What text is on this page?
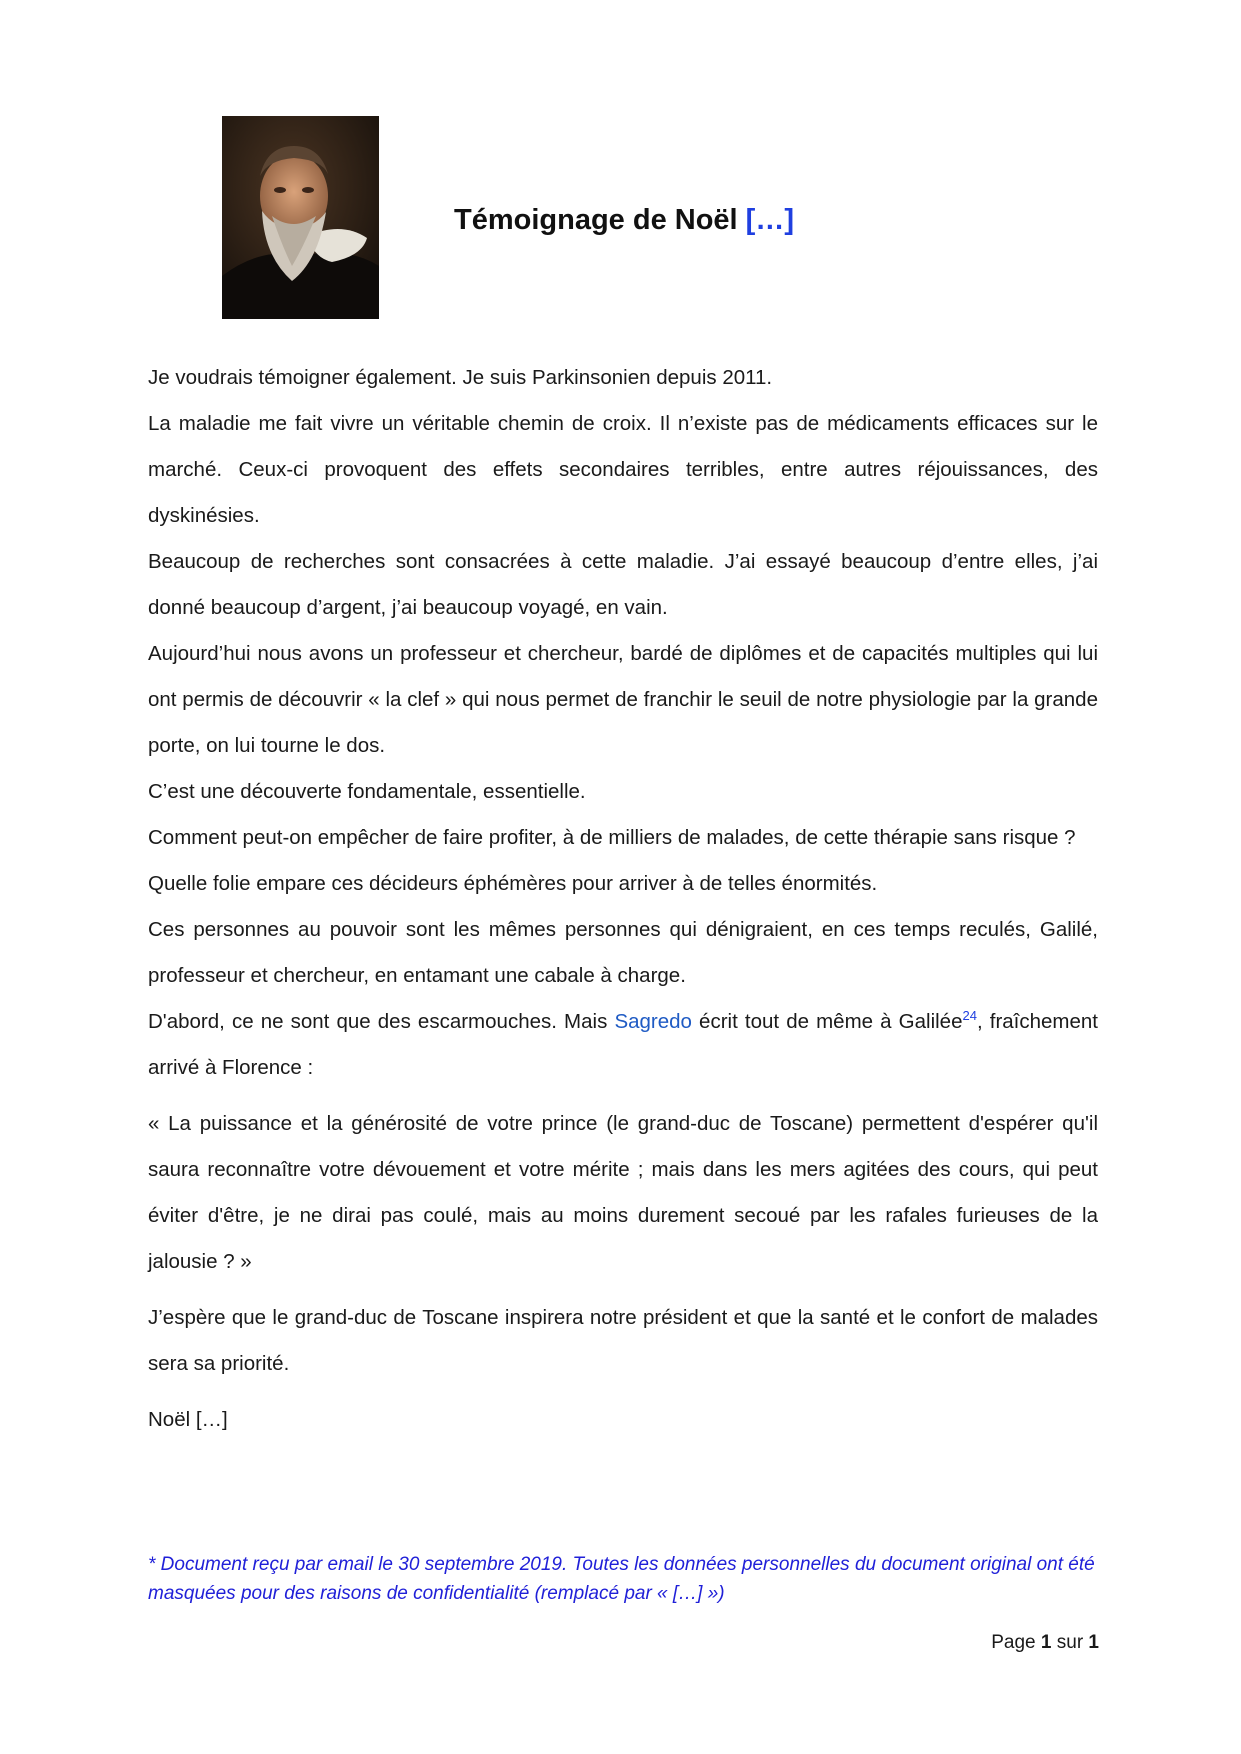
Témoignage de Noël […]

Je voudrais témoigner également. Je suis Parkinsonien depuis 2011.

La maladie me fait vivre un véritable chemin de croix. Il n’existe pas de médicaments efficaces sur le marché. Ceux-ci provoquent des effets secondaires terribles, entre autres réjouissances, des dyskinésies.

Beaucoup de recherches sont consacrées à cette maladie. J’ai essayé beaucoup d’entre elles, j’ai donné beaucoup d’argent, j’ai beaucoup voyagé, en vain.

Aujourd’hui nous avons un professeur et chercheur, bardé de diplômes et de capacités multiples qui lui ont permis de découvrir « la clef » qui nous permet de franchir le seuil de notre physiologie par la grande porte, on lui tourne le dos.

C’est une découverte fondamentale, essentielle.

Comment peut-on empêcher de faire profiter, à de milliers de malades, de cette thérapie sans risque ?

Quelle folie empare ces décideurs éphémères pour arriver à de telles énormités.

Ces personnes au pouvoir sont les mêmes personnes qui dénigraient, en ces temps reculés, Galilé, professeur et chercheur, en entamant une cabale à charge.

D'abord, ce ne sont que des escarmouches. Mais Sagredo écrit tout de même à Galilée$^{24}$, fraîchement arrivé à Florence :

« La puissance et la générosité de votre prince (le grand-duc de Toscane) permettent d'espérer qu'il saura reconnaître votre dévouement et votre mérite ; mais dans les mers agitées des cours, qui peut éviter d'être, je ne dirai pas coulé, mais au moins durement secoué par les rafales furieuses de la jalousie ? »

J’espère que le grand-duc de Toscane inspirera notre président et que la santé et le confort de malades sera sa priorité.

Noël […]

* Document reçu par email le 30 septembre 2019. Toutes les données personnelles du document original ont été masquées pour des raisons de confidentialité (remplacé par « […] »)

Page 1 sur 1
